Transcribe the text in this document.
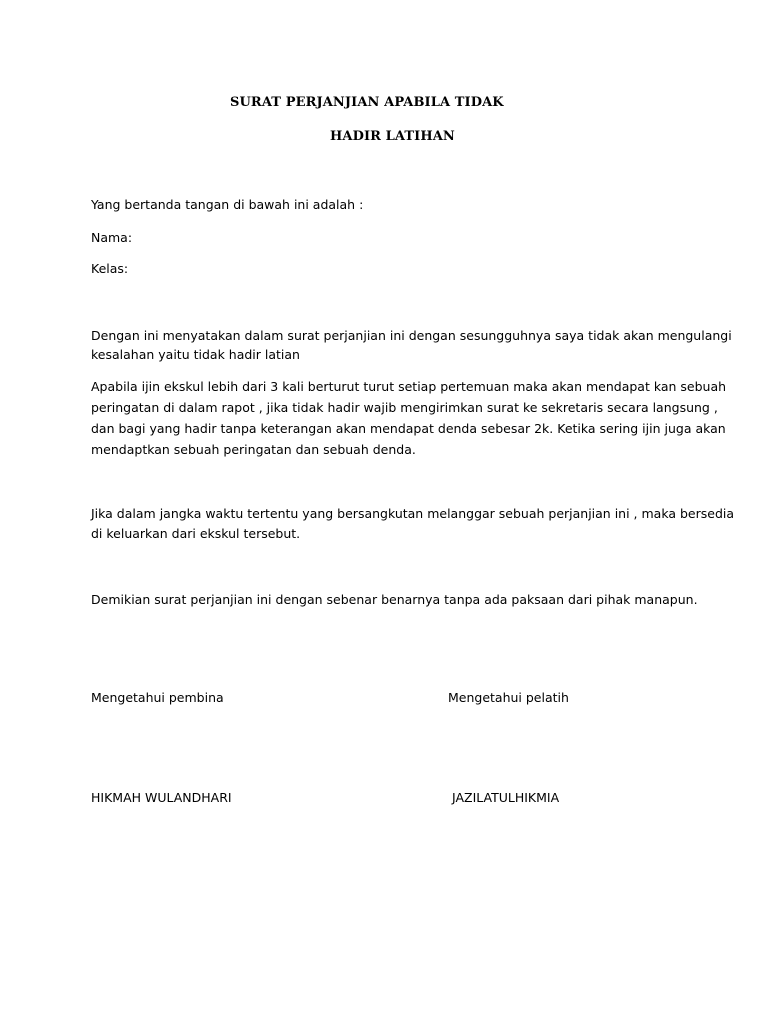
SURAT PERJANJIAN APABILA TIDAK
HADIR LATIHAN
Yang bertanda tangan di bawah ini adalah :
Nama:
Kelas:
Dengan ini menyatakan dalam surat perjanjian ini dengan sesungguhnya saya tidak akan mengulangi
kesalahan yaitu tidak hadir latian
Apabila ijin ekskul lebih dari 3 kali berturut turut setiap pertemuan maka akan mendapat kan sebuah
peringatan di dalam rapot , jika tidak hadir wajib mengirimkan surat ke sekretaris secara langsung ,
dan bagi yang hadir tanpa keterangan akan mendapat denda sebesar 2k. Ketika sering ijin juga akan
mendaptkan sebuah peringatan dan sebuah denda.
Jika dalam jangka waktu tertentu yang bersangkutan melanggar sebuah perjanjian ini , maka bersedia
di keluarkan dari ekskul tersebut.
Demikian surat perjanjian ini dengan sebenar benarnya tanpa ada paksaan dari pihak manapun.
Mengetahui pembina	Mengetahui pelatih
HIKMAH WULANDHARI	JAZILATULHIKMIA
